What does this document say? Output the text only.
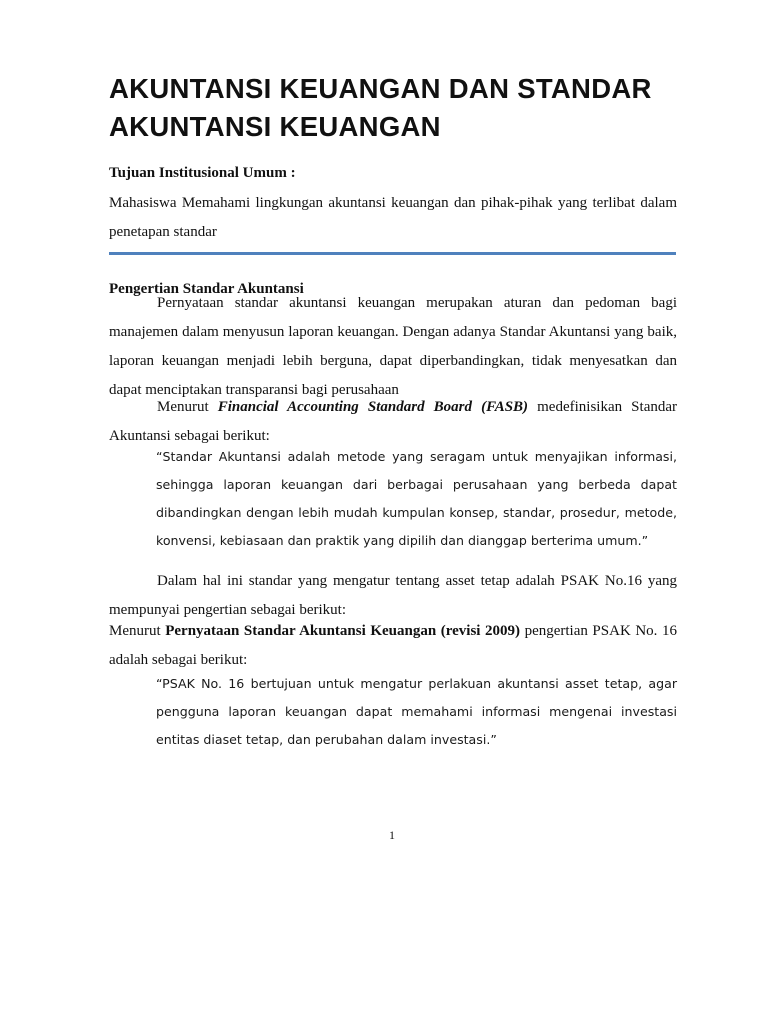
AKUNTANSI KEUANGAN DAN STANDAR
AKUNTANSI KEUANGAN
Tujuan Institusional Umum :

Mahasiswa Memahami lingkungan akuntansi keuangan dan pihak-pihak yang terlibat dalam penetapan standar

Pengertian Standar Akuntansi

Pernyataan standar akuntansi keuangan merupakan aturan dan pedoman bagi manajemen dalam menyusun laporan keuangan. Dengan adanya Standar Akuntansi yang baik, laporan keuangan menjadi lebih berguna, dapat diperbandingkan, tidak menyesatkan dan dapat menciptakan transparansi bagi perusahaan

Menurut Financial Accounting Standard Board (FASB) medefinisikan Standar Akuntansi sebagai berikut:

“Standar Akuntansi adalah metode yang seragam untuk menyajikan informasi, sehingga laporan keuangan dari berbagai perusahaan yang berbeda dapat dibandingkan dengan lebih mudah kumpulan konsep, standar, prosedur, metode, konvensi, kebiasaan dan praktik yang dipilih dan dianggap berterima umum.”

Dalam hal ini standar yang mengatur tentang asset tetap adalah PSAK No.16 yang mempunyai pengertian sebagai berikut:

Menurut Pernyataan Standar Akuntansi Keuangan (revisi 2009) pengertian PSAK No. 16 adalah sebagai berikut:

“PSAK No. 16 bertujuan untuk mengatur perlakuan akuntansi asset tetap, agar pengguna laporan keuangan dapat memahami informasi mengenai investasi entitas diaset tetap, dan perubahan dalam investasi.”

1
